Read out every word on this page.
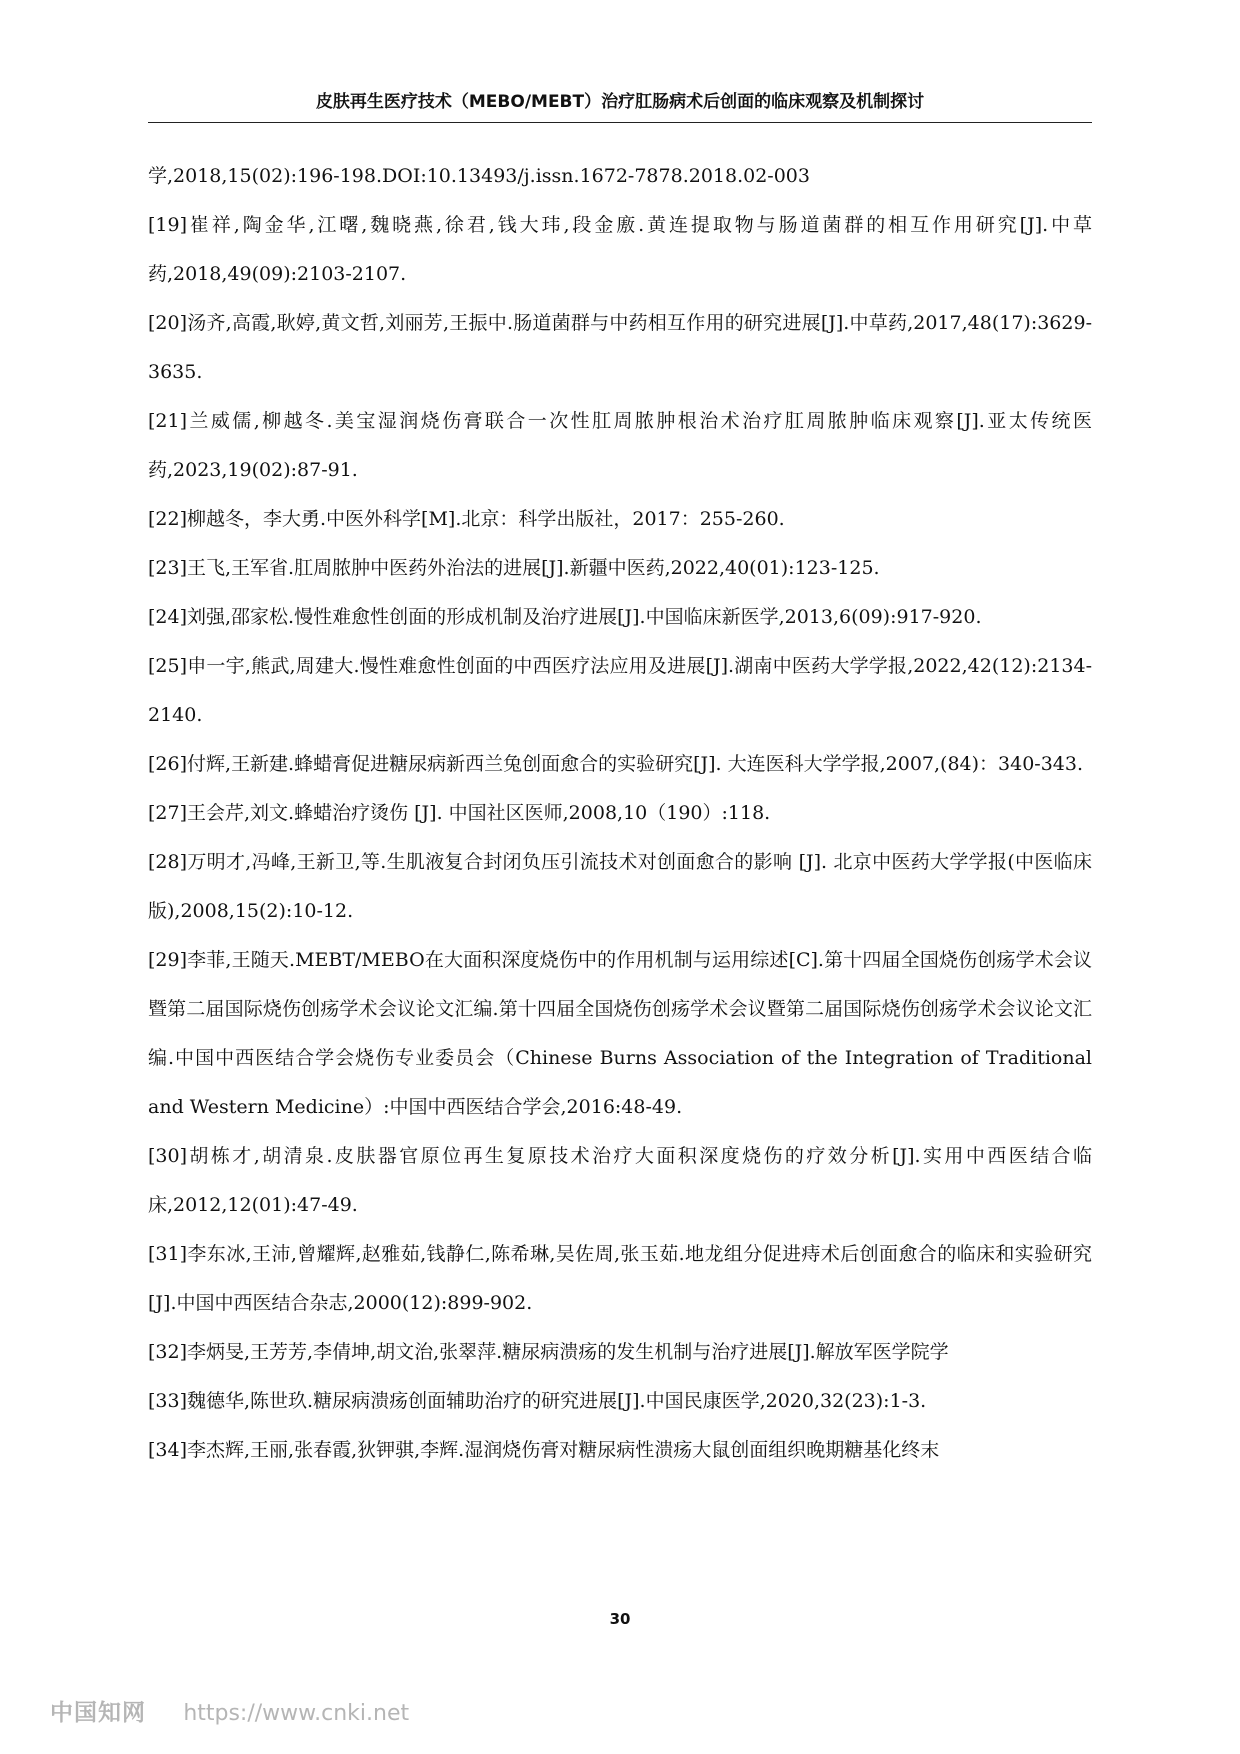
皮肤再生医疗技术（MEBO/MEBT）治疗肛肠病术后创面的临床观察及机制探讨

学,2018,15(02):196-198.DOI:10.13493/j.issn.1672-7878.2018.02-003

[19]崔祥,陶金华,江曙,魏晓燕,徐君,钱大玮,段金廒.黄连提取物与肠道菌群的相互作用研究[J].中草药,2018,49(09):2103-2107.

[20]汤齐,高霞,耿婷,黄文哲,刘丽芳,王振中.肠道菌群与中药相互作用的研究进展[J].中草药,2017,48(17):3629-3635.

[21]兰威儒,柳越冬.美宝湿润烧伤膏联合一次性肛周脓肿根治术治疗肛周脓肿临床观察[J].亚太传统医药,2023,19(02):87-91.

[22]柳越冬，李大勇.中医外科学[M].北京：科学出版社，2017：255-260.

[23]王飞,王军省.肛周脓肿中医药外治法的进展[J].新疆中医药,2022,40(01):123-125.

[24]刘强,邵家松.慢性难愈性创面的形成机制及治疗进展[J].中国临床新医学,2013,6(09):917-920.

[25]申一宇,熊武,周建大.慢性难愈性创面的中西医疗法应用及进展[J].湖南中医药大学学报,2022,42(12):2134-2140.

[26]付辉,王新建.蜂蜡膏促进糖尿病新西兰兔创面愈合的实验研究[J]. 大连医科大学学报,2007,(84)：340-343.

[27]王会芹,刘文.蜂蜡治疗烫伤 [J]. 中国社区医师,2008,10（190）:118.

[28]万明才,冯峰,王新卫,等.生肌液复合封闭负压引流技术对创面愈合的影响 [J]. 北京中医药大学学报(中医临床版),2008,15(2):10-12.

[29]李菲,王随天.MEBT/MEBO在大面积深度烧伤中的作用机制与运用综述[C].第十四届全国烧伤创疡学术会议暨第二届国际烧伤创疡学术会议论文汇编.第十四届全国烧伤创疡学术会议暨第二届国际烧伤创疡学术会议论文汇编.中国中西医结合学会烧伤专业委员会（Chinese Burns Association of the Integration of Traditional and Western Medicine）:中国中西医结合学会,2016:48-49.

[30]胡栋才,胡清泉.皮肤器官原位再生复原技术治疗大面积深度烧伤的疗效分析[J].实用中西医结合临床,2012,12(01):47-49.

[31]李东冰,王沛,曾耀辉,赵雅茹,钱静仁,陈希琳,吴佐周,张玉茹.地龙组分促进痔术后创面愈合的临床和实验研究[J].中国中西医结合杂志,2000(12):899-902.

[32]李炳旻,王芳芳,李倩坤,胡文治,张翠萍.糖尿病溃疡的发生机制与治疗进展[J].解放军医学院学

[33]魏德华,陈世玖.糖尿病溃疡创面辅助治疗的研究进展[J].中国民康医学,2020,32(23):1-3.

[34]李杰辉,王丽,张春霞,狄钾骐,李辉.湿润烧伤膏对糖尿病性溃疡大鼠创面组织晚期糖基化终末

30
中国知网 https://www.cnki.net
